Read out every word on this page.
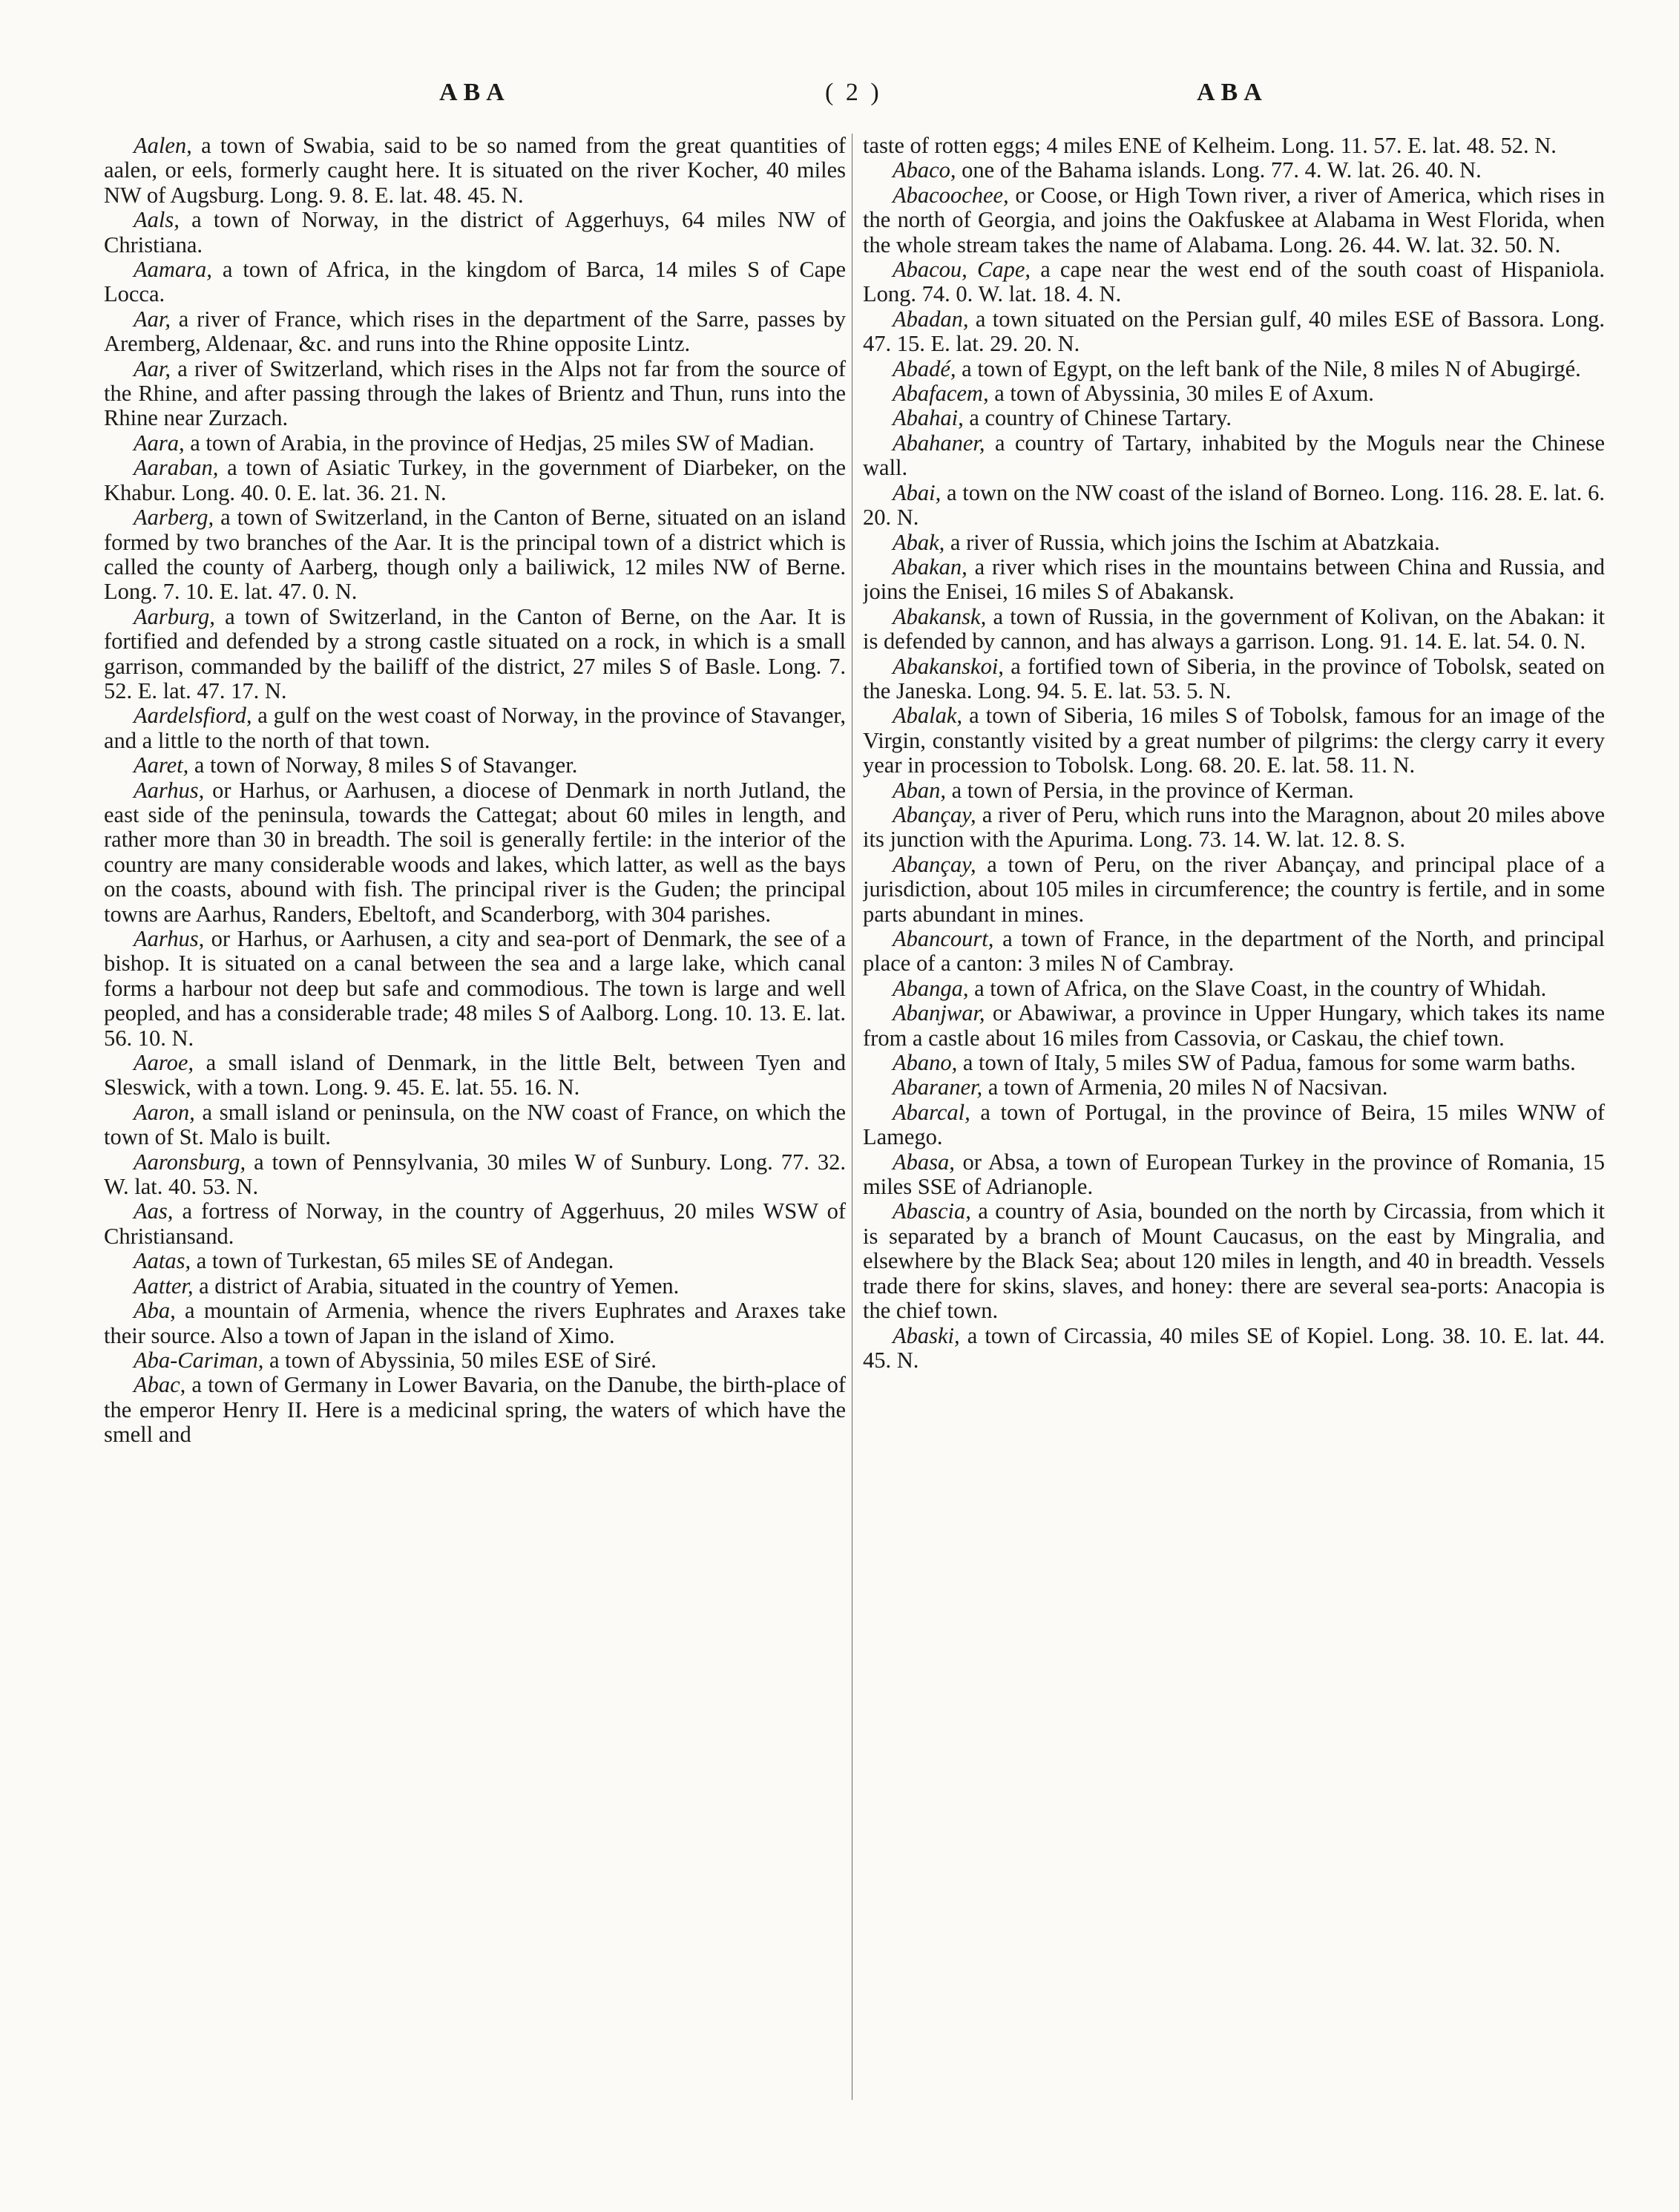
ABA	( 2 )	ABA

Aalen, a town of Swabia, said to be so named from the great quantities of aalen, or eels, formerly caught here. It is situated on the river Kocher, 40 miles NW of Augsburg. Long. 9. 8. E. lat. 48. 45. N.

Aals, a town of Norway, in the district of Aggerhuys, 64 miles NW of Christiana.

Aamara, a town of Africa, in the kingdom of Barca, 14 miles S of Cape Locca.

Aar, a river of France, which rises in the department of the Sarre, passes by Aremberg, Aldenaar, &c. and runs into the Rhine opposite Lintz.

Aar, a river of Switzerland, which rises in the Alps not far from the source of the Rhine, and after passing through the lakes of Brientz and Thun, runs into the Rhine near Zurzach.

Aara, a town of Arabia, in the province of Hedjas, 25 miles SW of Madian.

Aaraban, a town of Asiatic Turkey, in the government of Diarbeker, on the Khabur. Long. 40. 0. E. lat. 36. 21. N.

Aarberg, a town of Switzerland, in the Canton of Berne, situated on an island formed by two branches of the Aar. It is the principal town of a district which is called the county of Aarberg, though only a bailiwick, 12 miles NW of Berne. Long. 7. 10. E. lat. 47. 0. N.

Aarburg, a town of Switzerland, in the Canton of Berne, on the Aar. It is fortified and defended by a strong castle situated on a rock, in which is a small garrison, commanded by the bailiff of the district, 27 miles S of Basle. Long. 7. 52. E. lat. 47. 17. N.

Aardelsfiord, a gulf on the west coast of Norway, in the province of Stavanger, and a little to the north of that town.

Aaret, a town of Norway, 8 miles S of Stavanger.

Aarhus, or Harhus, or Aarhusen, a diocese of Denmark in north Jutland, the east side of the peninsula, towards the Cattegat; about 60 miles in length, and rather more than 30 in breadth. The soil is generally fertile: in the interior of the country are many considerable woods and lakes, which latter, as well as the bays on the coasts, abound with fish. The principal river is the Guden; the principal towns are Aarhus, Randers, Ebeltoft, and Scanderborg, with 304 parishes.

Aarhus, or Harhus, or Aarhusen, a city and sea-port of Denmark, the see of a bishop. It is situated on a canal between the sea and a large lake, which canal forms a harbour not deep but safe and commodious. The town is large and well peopled, and has a considerable trade; 48 miles S of Aalborg. Long. 10. 13. E. lat. 56. 10. N.

Aaroe, a small island of Denmark, in the little Belt, between Tyen and Sleswick, with a town. Long. 9. 45. E. lat. 55. 16. N.

Aaron, a small island or peninsula, on the NW coast of France, on which the town of St. Malo is built.

Aaronsburg, a town of Pennsylvania, 30 miles W of Sunbury. Long. 77. 32. W. lat. 40. 53. N.

Aas, a fortress of Norway, in the country of Aggerhuus, 20 miles WSW of Christiansand.

Aatas, a town of Turkestan, 65 miles SE of Andegan.

Aatter, a district of Arabia, situated in the country of Yemen.

Aba, a mountain of Armenia, whence the rivers Euphrates and Araxes take their source. Also a town of Japan in the island of Ximo.

Aba-Cariman, a town of Abyssinia, 50 miles ESE of Siré.

Abac, a town of Germany in Lower Bavaria, on the Danube, the birth-place of the emperor Henry II. Here is a medicinal spring, the waters of which have the smell and

taste of rotten eggs; 4 miles ENE of Kelheim. Long. 11. 57. E. lat. 48. 52. N.

Abaco, one of the Bahama islands. Long. 77. 4. W. lat. 26. 40. N.

Abacoochee, or Coose, or High Town river, a river of America, which rises in the north of Georgia, and joins the Oakfuskee at Alabama in West Florida, when the whole stream takes the name of Alabama. Long. 26. 44. W. lat. 32. 50. N.

Abacou, Cape, a cape near the west end of the south coast of Hispaniola. Long. 74. 0. W. lat. 18. 4. N.

Abadan, a town situated on the Persian gulf, 40 miles ESE of Bassora. Long. 47. 15. E. lat. 29. 20. N.

Abadé, a town of Egypt, on the left bank of the Nile, 8 miles N of Abugirgé.

Abafacem, a town of Abyssinia, 30 miles E of Axum.

Abahai, a country of Chinese Tartary.

Abahaner, a country of Tartary, inhabited by the Moguls near the Chinese wall.

Abai, a town on the NW coast of the island of Borneo. Long. 116. 28. E. lat. 6. 20. N.

Abak, a river of Russia, which joins the Ischim at Abatzkaia.

Abakan, a river which rises in the mountains between China and Russia, and joins the Enisei, 16 miles S of Abakansk.

Abakansk, a town of Russia, in the government of Kolivan, on the Abakan: it is defended by cannon, and has always a garrison. Long. 91. 14. E. lat. 54. 0. N.

Abakanskoi, a fortified town of Siberia, in the province of Tobolsk, seated on the Janeska. Long. 94. 5. E. lat. 53. 5. N.

Abalak, a town of Siberia, 16 miles S of Tobolsk, famous for an image of the Virgin, constantly visited by a great number of pilgrims: the clergy carry it every year in procession to Tobolsk. Long. 68. 20. E. lat. 58. 11. N.

Aban, a town of Persia, in the province of Kerman.

Abançay, a river of Peru, which runs into the Maragnon, about 20 miles above its junction with the Apurima. Long. 73. 14. W. lat. 12. 8. S.

Abançay, a town of Peru, on the river Abançay, and principal place of a jurisdiction, about 105 miles in circumference; the country is fertile, and in some parts abundant in mines.

Abancourt, a town of France, in the department of the North, and principal place of a canton: 3 miles N of Cambray.

Abanga, a town of Africa, on the Slave Coast, in the country of Whidah.

Abanjwar, or Abawiwar, a province in Upper Hungary, which takes its name from a castle about 16 miles from Cassovia, or Caskau, the chief town.

Abano, a town of Italy, 5 miles SW of Padua, famous for some warm baths.

Abaraner, a town of Armenia, 20 miles N of Nacsivan.

Abarcal, a town of Portugal, in the province of Beira, 15 miles WNW of Lamego.

Abasa, or Absa, a town of European Turkey in the province of Romania, 15 miles SSE of Adrianople.

Abascia, a country of Asia, bounded on the north by Circassia, from which it is separated by a branch of Mount Caucasus, on the east by Mingralia, and elsewhere by the Black Sea; about 120 miles in length, and 40 in breadth. Vessels trade there for skins, slaves, and honey: there are several sea-ports: Anacopia is the chief town.

Abaski, a town of Circassia, 40 miles SE of Kopiel. Long. 38. 10. E. lat. 44. 45. N.
